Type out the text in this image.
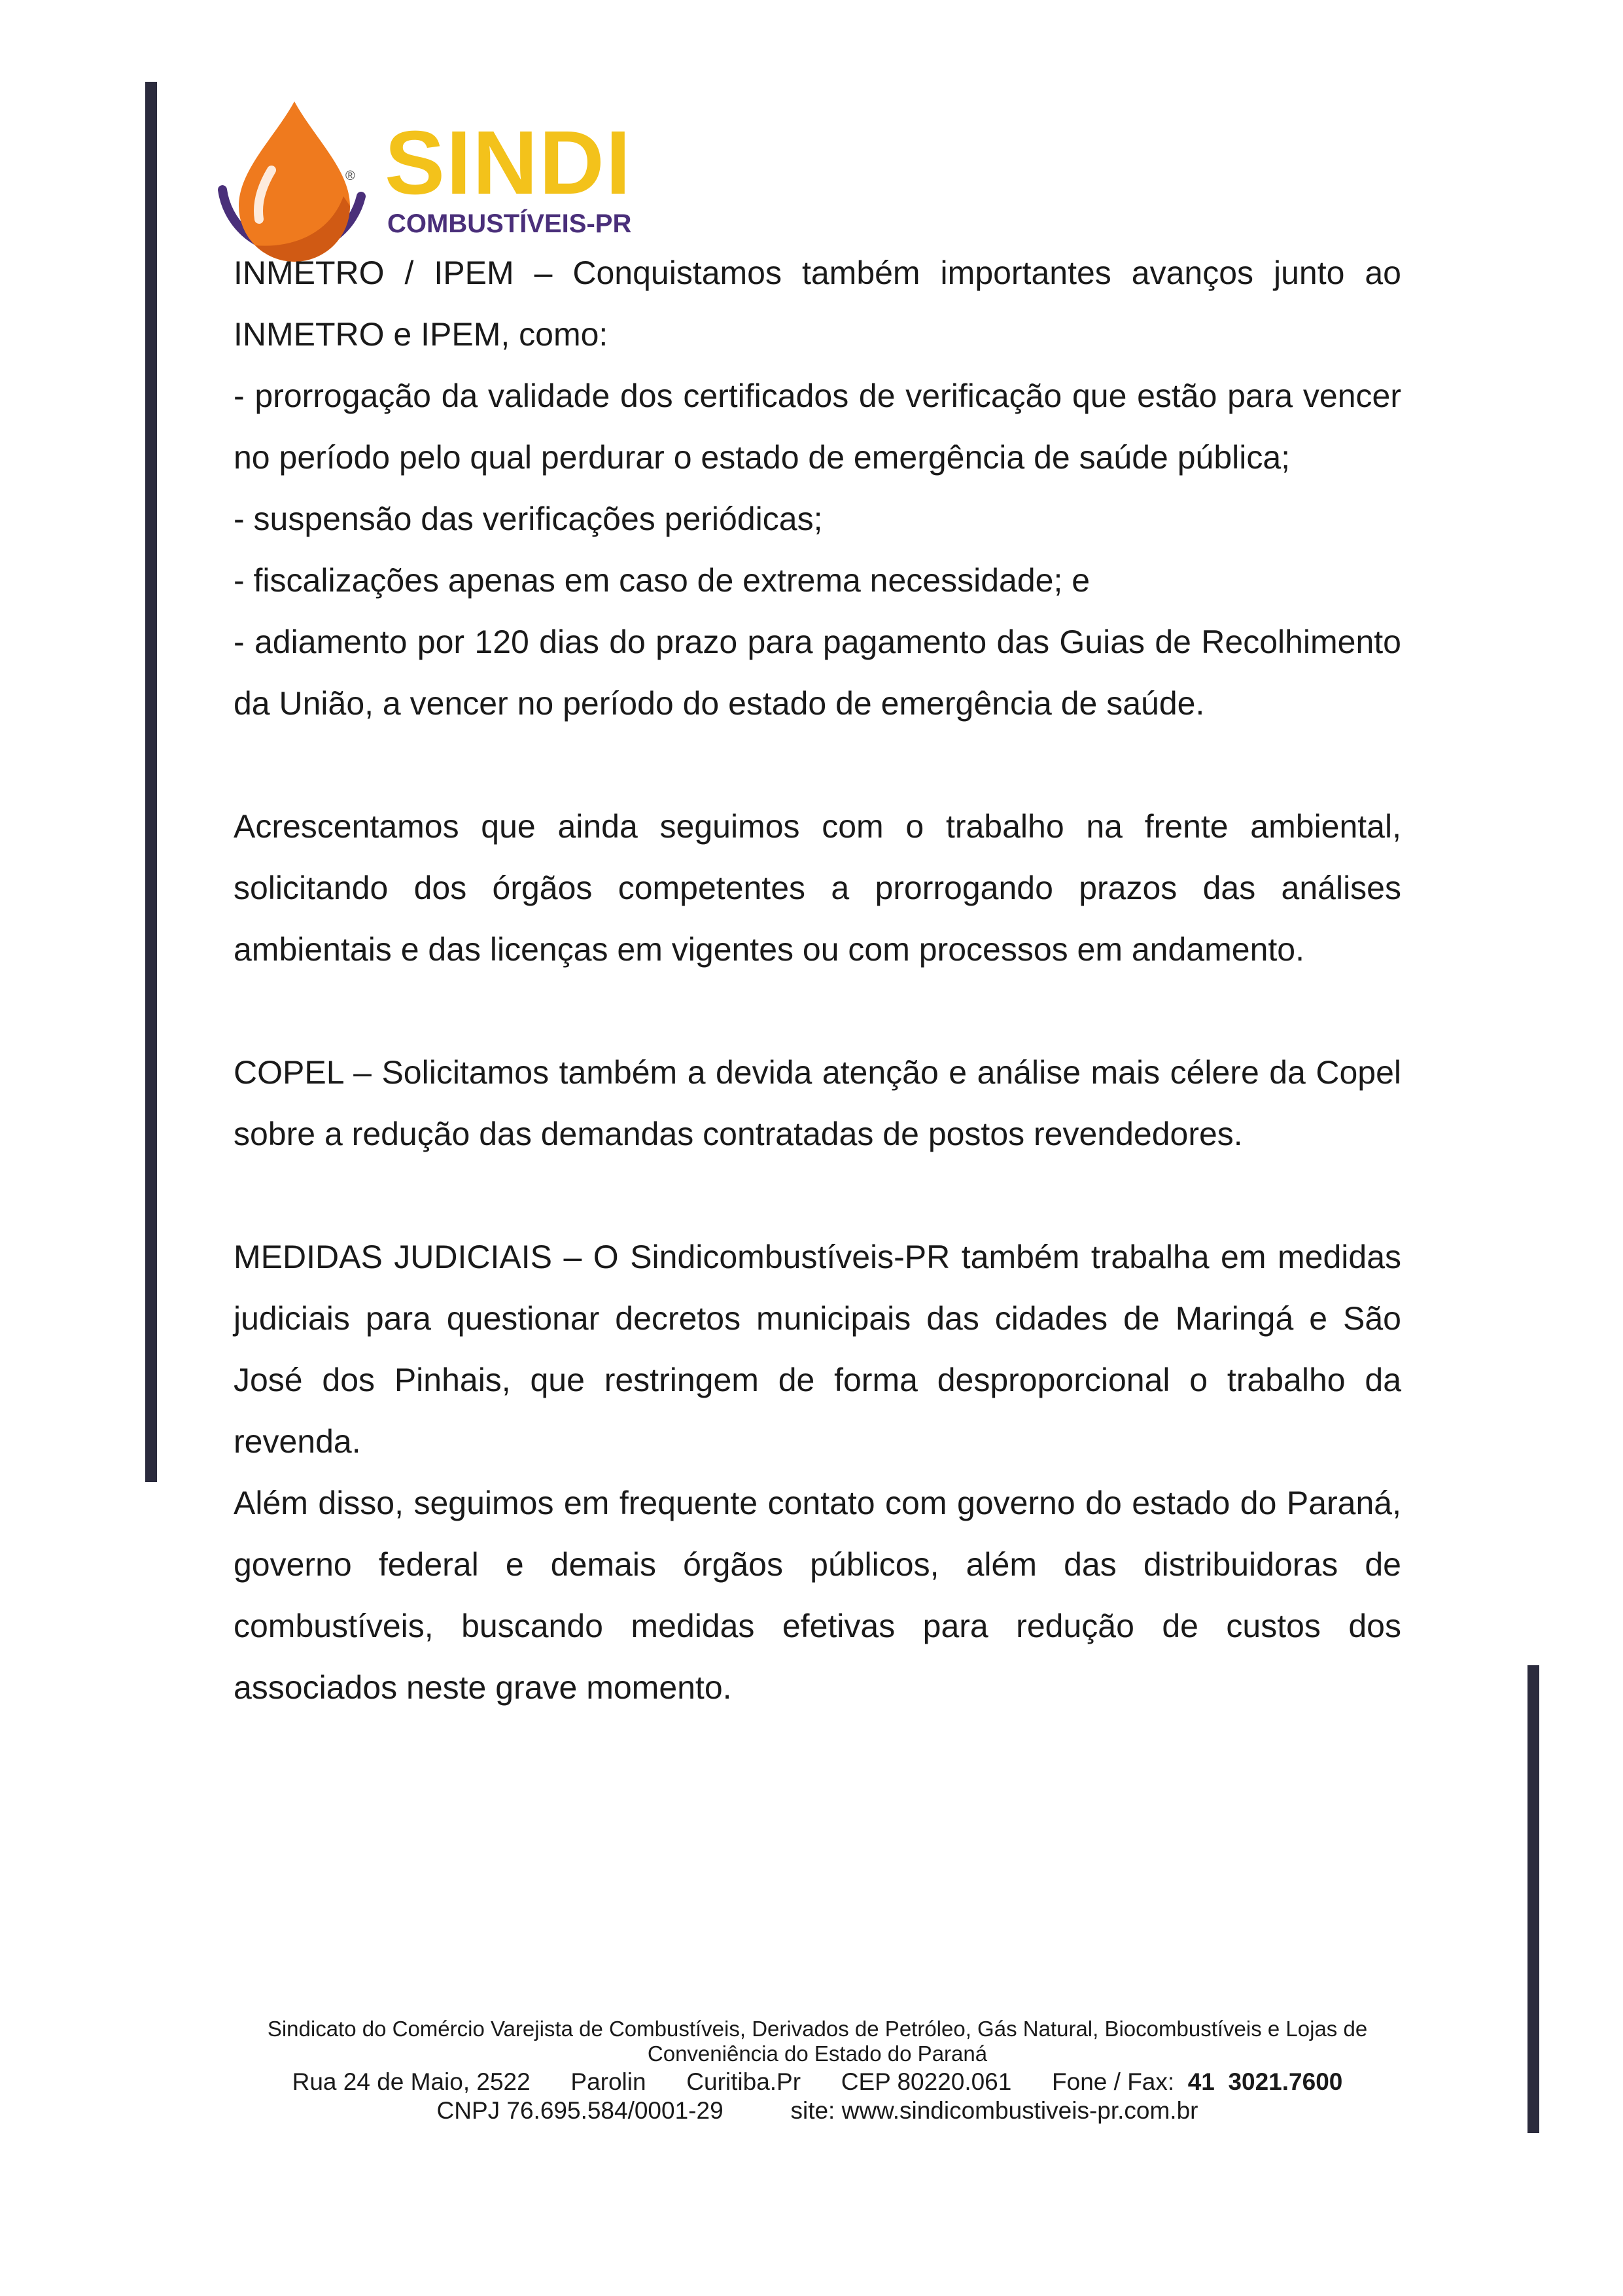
® SINDI
COMBUSTÍVEIS-PR

INMETRO / IPEM – Conquistamos também importantes avanços junto ao INMETRO e IPEM, como:

- prorrogação da validade dos certificados de verificação que estão para vencer no período pelo qual perdurar o estado de emergência de saúde pública;

- suspensão das verificações periódicas;

- fiscalizações apenas em caso de extrema necessidade; e

- adiamento por 120 dias do prazo para pagamento das Guias de Recolhimento da União, a vencer no período do estado de emergência de saúde.

Acrescentamos que ainda seguimos com o trabalho na frente ambiental, solicitando dos órgãos competentes a prorrogando prazos das análises ambientais e das licenças em vigentes ou com processos em andamento.

COPEL – Solicitamos também a devida atenção e análise mais célere da Copel sobre a redução das demandas contratadas de postos revendedores.

MEDIDAS JUDICIAIS – O Sindicombustíveis-PR também trabalha em medidas judiciais para questionar decretos municipais das cidades de Maringá e São José dos Pinhais, que restringem de forma desproporcional o trabalho da revenda.

Além disso, seguimos em frequente contato com governo do estado do Paraná, governo federal e demais órgãos públicos, além das distribuidoras de combustíveis, buscando medidas efetivas para redução de custos dos associados neste grave momento.

Sindicato do Comércio Varejista de Combustíveis, Derivados de Petróleo, Gás Natural, Biocombustíveis e Lojas de Conveniência do Estado do Paraná
Rua 24 de Maio, 2522 Parolin Curitiba.Pr CEP 80220.061 Fone / Fax: 41 3021.7600
CNPJ 76.695.584/0001-29	site: www.sindicombustiveis-pr.com.br
